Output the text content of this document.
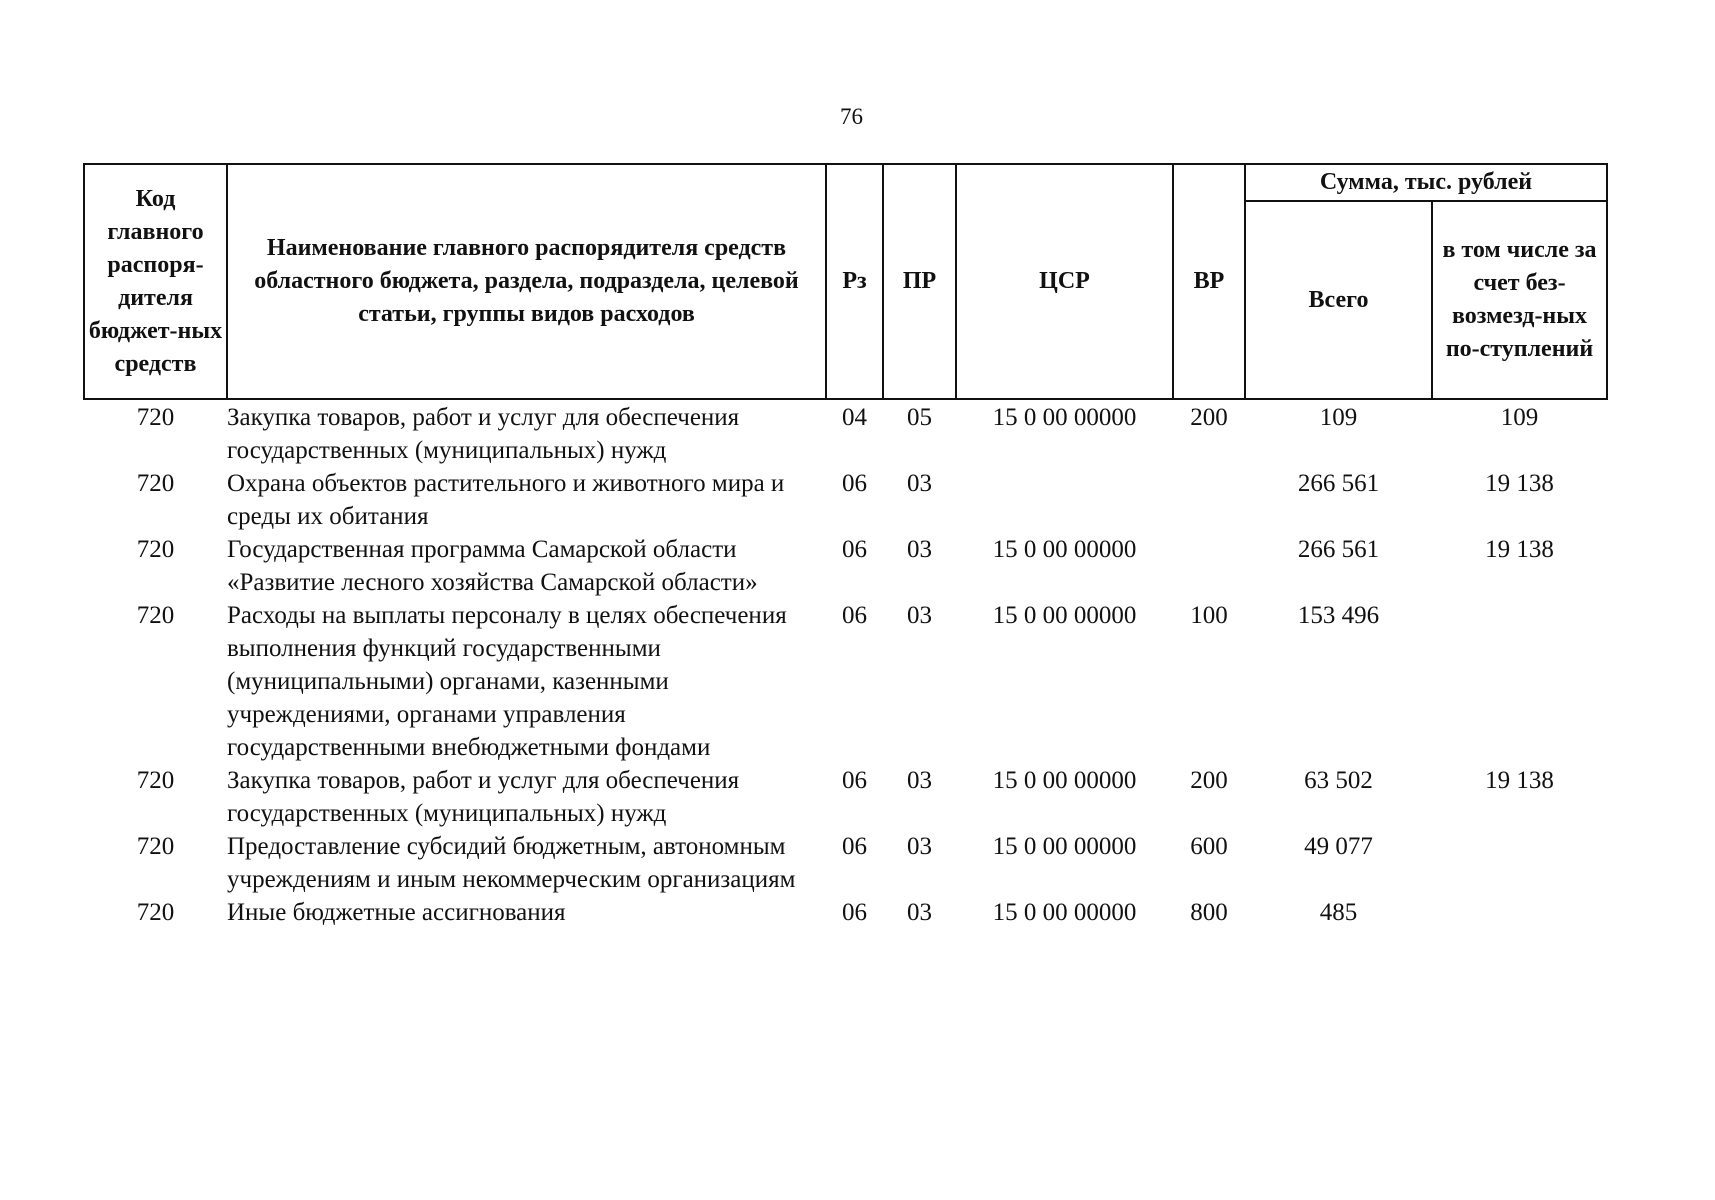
76
Код главного распоря-дителя бюджет-ных средств	Наименование главного распорядителя средств областного бюджета, раздела, подраздела, целевой статьи, группы видов расходов	Рз	ПР	ЦСР	ВР	Сумма, тыс. рублей	
						Всего	в том числе за счет без-возмезд-ных по-ступлений
720	Закупка товаров, работ и услуг для обеспечения государственных (муниципальных) нужд	04	05	15 0 00 00000	200	109	109
720	Охрана объектов растительного и животного мира и среды их обитания	06	03			266 561	19 138
720	Государственная программа Самарской области «Развитие лесного хозяйства Самарской области»	06	03	15 0 00 00000		266 561	19 138
720	Расходы на выплаты персоналу в целях обеспечения выполнения функций государственными (муниципальными) органами, казенными учреждениями, органами управления государственными внебюджетными фондами	06	03	15 0 00 00000	100	153 496	
720	Закупка товаров, работ и услуг для обеспечения государственных (муниципальных) нужд	06	03	15 0 00 00000	200	63 502	19 138
720	Предоставление субсидий бюджетным, автономным учреждениям и иным некоммерческим организациям	06	03	15 0 00 00000	600	49 077	
720	Иные бюджетные ассигнования	06	03	15 0 00 00000	800	485	
